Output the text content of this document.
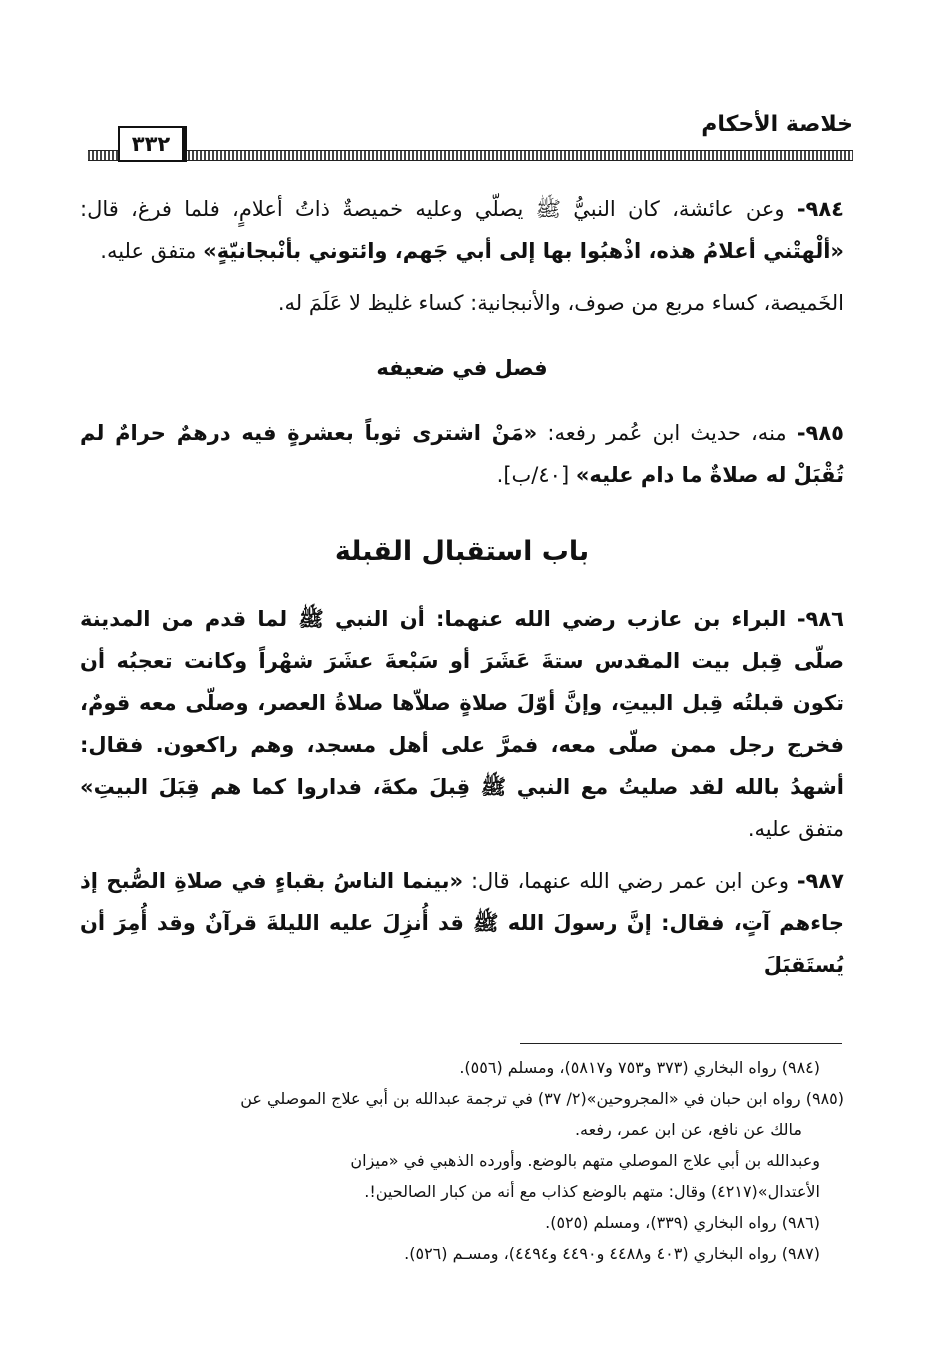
خلاصة الأحكام
٣٣٢

٩٨٤- وعن عائشة، كان النبيُّ ﷺ يصلّي وعليه خميصةٌ ذاتُ أعلامٍ، فلما فرغ، قال: «ألْهتْني أعلامُ هذه، اذْهبُوا بها إلى أبي جَهم، وائتوني بأنْبجانيّةٍ» متفق عليه.

الخَميصة، كساء مربع من صوف، والأنبجانية: كساء غليظ لا عَلَمَ له.

فصل في ضعيفه

٩٨٥- منه، حديث ابن عُمر رفعه: «مَنْ اشترى ثوباً بعشرةٍ فيه درهمٌ حرامٌ لم تُقْبَلْ له صلاةٌ ما دام عليه» [٤٠/ب].

باب استقبال القبلة

٩٨٦- البراء بن عازب رضي الله عنهما: أن النبي ﷺ لما قدم من المدينة صلّى قِبل بيت المقدس ستةَ عَشَرَ أو سَبْعةَ عشَرَ شهْراً وكانت تعجبُه أن تكون قبلتُه قِبل البيتِ، وإنَّ أوّلَ صلاةٍ صلاّها صلاةُ العصر، وصلّى معه قومٌ، فخرج رجل ممن صلّى معه، فمرَّ على أهل مسجد، وهم راكعون. فقال: أشهدُ بالله لقد صليتُ مع النبي ﷺ قِبلَ مكةَ، فداروا كما هم قِبَلَ البيتِ» متفق عليه.

٩٨٧- وعن ابن عمر رضي الله عنهما، قال: «بينما الناسُ بقباءٍ في صلاةِ الصُّبح إذ جاءهم آتٍ، فقال: إنَّ رسولَ الله ﷺ قد أُنزِلَ عليه الليلةَ قرآنٌ وقد أُمِرَ أن يُستَقبَلَ

(٩٨٤) رواه البخاري (٣٧٣ و٧٥٣ و٥٨١٧)، ومسلم (٥٥٦).

(٩٨٥) رواه ابن حبان في «المجروحين»(٢/ ٣٧) في ترجمة عبدالله بن أبي علاج الموصلي عن

مالك عن نافع، عن ابن عمر، رفعه.

وعبدالله بن أبي علاج الموصلي متهم بالوضع. وأورده الذهبي في «ميزان

الأعتدال»(٤٢١٧) وقال: متهم بالوضع كذاب مع أنه من كبار الصالحين!.

(٩٨٦) رواه البخاري (٣٣٩)، ومسلم (٥٢٥).

(٩٨٧) رواه البخاري (٤٠٣ و٤٤٨٨ و٤٤٩٠ و٤٤٩٤)، ومسـم (٥٢٦).
